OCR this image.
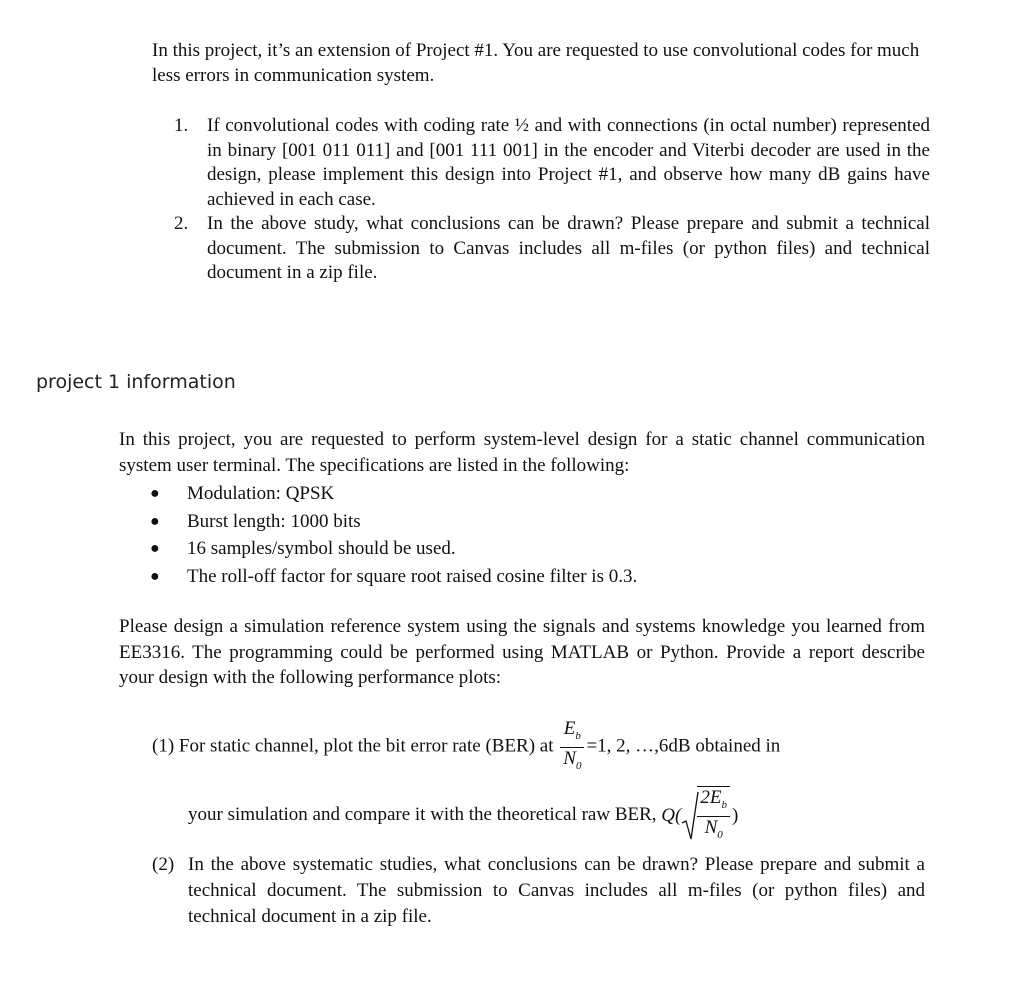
In this project, it’s an extension of Project #1. You are requested to use convolutional codes for much less errors in communication system.

1. If convolutional codes with coding rate ½ and with connections (in octal number) represented in binary [001 011 011] and [001 111 001] in the encoder and Viterbi decoder are used in the design, please implement this design into Project #1, and observe how many dB gains have achieved in each case.
2. In the above study, what conclusions can be drawn? Please prepare and submit a technical document. The submission to Canvas includes all m-files (or python files) and technical document in a zip file.
project 1 information
In this project, you are requested to perform system-level design for a static channel communication system user terminal. The specifications are listed in the following:
● Modulation: QPSK
● Burst length: 1000 bits
● 16 samples/symbol should be used.
● The roll-off factor for square root raised cosine filter is 0.3.
Please design a simulation reference system using the signals and systems knowledge you learned from EE3316. The programming could be performed using MATLAB or Python. Provide a report describe your design with the following performance plots:
(1) For static channel, plot the bit error rate (BER) at $\frac{E_b}{N_0} =1$, 2, …,6dB obtained in
your simulation and compare it with the theoretical raw BER, $Q( \frac{2E_b}{N_0}$ )
(2) In the above systematic studies, what conclusions can be drawn? Please prepare and submit a technical document. The submission to Canvas includes all m-files (or python files) and technical document in a zip file.
